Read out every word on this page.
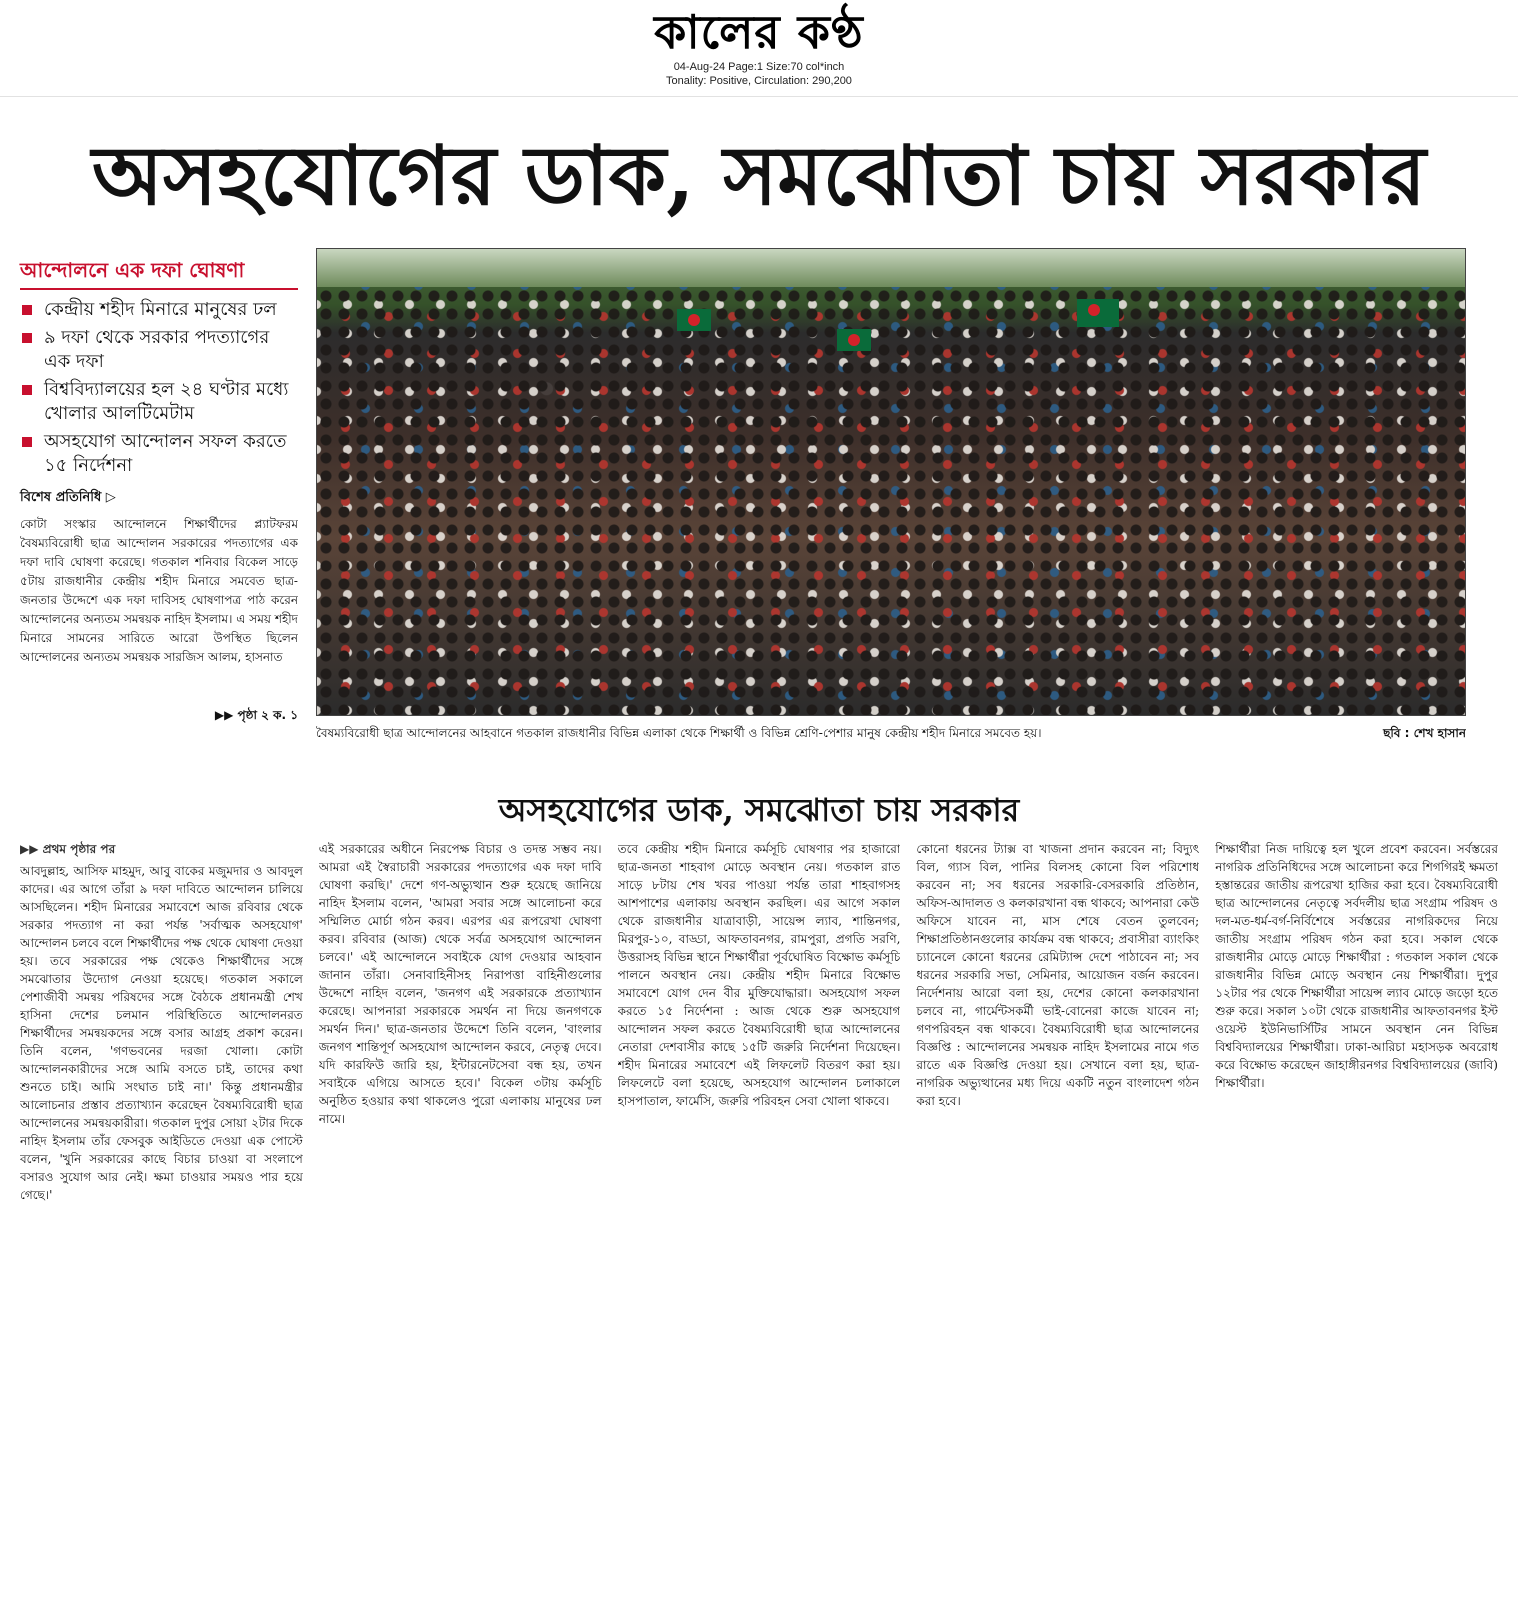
কালের কণ্ঠ
04-Aug-24 Page:1 Size:70 col*inch
Tonality: Positive, Circulation: 290,200
অসহযোগের ডাক, সমঝোতা চায় সরকার
আন্দোলনে এক দফা ঘোষণা
কেন্দ্রীয় শহীদ মিনারে মানুষের ঢল
৯ দফা থেকে সরকার পদত্যাগের এক দফা
বিশ্ববিদ্যালয়ের হল ২৪ ঘণ্টার মধ্যে খোলার আলটিমেটাম
অসহযোগ আন্দোলন সফল করতে ১৫ নির্দেশনা
বিশেষ প্রতিনিধি ▷

কোটা সংস্কার আন্দোলনে শিক্ষার্থীদের প্ল্যাটফরম বৈষম্যবিরোধী ছাত্র আন্দোলন সরকারের পদত্যাগের এক দফা দাবি ঘোষণা করেছে। গতকাল শনিবার বিকেল সাড়ে ৫টায় রাজধানীর কেন্দ্রীয় শহীদ মিনারে সমবেত ছাত্র-জনতার উদ্দেশে এক দফা দাবিসহ ঘোষণাপত্র পাঠ করেন আন্দোলনের অন্যতম সমন্বয়ক নাহিদ ইসলাম। এ সময় শহীদ মিনারে সামনের সারিতে আরো উপস্থিত ছিলেন আন্দোলনের অন্যতম সমন্বয়ক সারজিস আলম, হাসনাত

▶▶ পৃষ্ঠা ২ ক. ১
বৈষম্যবিরোধী ছাত্র আন্দোলনের আহবানে গতকাল রাজধানীর বিভিন্ন এলাকা থেকে শিক্ষার্থী ও বিভিন্ন শ্রেণি-পেশার মানুষ কেন্দ্রীয় শহীদ মিনারে সমবেত হয়।	ছবি : শেখ হাসান
অসহযোগের ডাক, সমঝোতা চায় সরকার
▶▶ প্রথম পৃষ্ঠার পর

আবদুল্লাহ, আসিফ মাহমুদ, আবু বাকের মজুমদার ও আবদুল কাদের। এর আগে তাঁরা ৯ দফা দাবিতে আন্দোলন চালিয়ে আসছিলেন। শহীদ মিনারের সমাবেশে আজ রবিবার থেকে সরকার পদত্যাগ না করা পর্যন্ত 'সর্বাত্মক অসহযোগ' আন্দোলন চলবে বলে শিক্ষার্থীদের পক্ষ থেকে ঘোষণা দেওয়া হয়। তবে সরকারের পক্ষ থেকেও শিক্ষার্থীদের সঙ্গে সমঝোতার উদ্যোগ নেওয়া হয়েছে। গতকাল সকালে পেশাজীবী সমন্বয় পরিষদের সঙ্গে বৈঠকে প্রধানমন্ত্রী শেখ হাসিনা দেশের চলমান পরিস্থিতিতে আন্দোলনরত শিক্ষার্থীদের সমন্বয়কদের সঙ্গে বসার আগ্রহ প্রকাশ করেন। তিনি বলেন, 'গণভবনের দরজা খোলা। কোটা আন্দোলনকারীদের সঙ্গে আমি বসতে চাই, তাদের কথা শুনতে চাই। আমি সংঘাত চাই না।' কিন্তু প্রধানমন্ত্রীর আলোচনার প্রস্তাব প্রত্যাখ্যান করেছেন বৈষম্যবিরোধী ছাত্র আন্দোলনের সমন্বয়কারীরা। গতকাল দুপুর সোয়া ২টার দিকে নাহিদ ইসলাম তাঁর ফেসবুক আইডিতে দেওয়া এক পোস্টে বলেন, 'খুনি সরকারের কাছে বিচার চাওয়া বা সংলাপে বসারও সুযোগ আর নেই। ক্ষমা চাওয়ার সময়ও পার হয়ে গেছে।'

এই সরকারের অধীনে নিরপেক্ষ বিচার ও তদন্ত সম্ভব নয়। আমরা এই স্বৈরাচারী সরকারের পদত্যাগের এক দফা দাবি ঘোষণা করছি।' দেশে গণ-অভ্যুত্থান শুরু হয়েছে জানিয়ে নাহিদ ইসলাম বলেন, 'আমরা সবার সঙ্গে আলোচনা করে সম্মিলিত মোর্চা গঠন করব। এরপর এর রূপরেখা ঘোষণা করব। রবিবার (আজ) থেকে সর্বত্র অসহযোগ আন্দোলন চলবে।' এই আন্দোলনে সবাইকে যোগ দেওয়ার আহবান জানান তাঁরা। সেনাবাহিনীসহ নিরাপত্তা বাহিনীগুলোর উদ্দেশে নাহিদ বলেন, 'জনগণ এই সরকারকে প্রত্যাখ্যান করেছে। আপনারা সরকারকে সমর্থন না দিয়ে জনগণকে সমর্থন দিন।' ছাত্র-জনতার উদ্দেশে তিনি বলেন, 'বাংলার জনগণ শান্তিপূর্ণ অসহযোগ আন্দোলন করবে, নেতৃত্ব দেবে। যদি কারফিউ জারি হয়, ইন্টারনেটসেবা বন্ধ হয়, তখন সবাইকে এগিয়ে আসতে হবে।' বিকেল ৩টায় কর্মসূচি অনুষ্ঠিত হওয়ার কথা থাকলেও পুরো এলাকায় মানুষের ঢল নামে।

তবে কেন্দ্রীয় শহীদ মিনারে কর্মসূচি ঘোষণার পর হাজারো ছাত্র-জনতা শাহবাগ মোড়ে অবস্থান নেয়। গতকাল রাত সাড়ে ৮টায় শেষ খবর পাওয়া পর্যন্ত তারা শাহবাগসহ আশপাশের এলাকায় অবস্থান করছিল। এর আগে সকাল থেকে রাজধানীর যাত্রাবাড়ী, সায়েন্স ল্যাব, শান্তিনগর, মিরপুর-১০, বাড্ডা, আফতাবনগর, রামপুরা, প্রগতি সরণি, উত্তরাসহ বিভিন্ন স্থানে শিক্ষার্থীরা পূর্বঘোষিত বিক্ষোভ কর্মসূচি পালনে অবস্থান নেয়। কেন্দ্রীয় শহীদ মিনারে বিক্ষোভ সমাবেশে যোগ দেন বীর মুক্তিযোদ্ধারা। অসহযোগ সফল করতে ১৫ নির্দেশনা : আজ থেকে শুরু অসহযোগ আন্দোলন সফল করতে বৈষম্যবিরোধী ছাত্র আন্দোলনের নেতারা দেশবাসীর কাছে ১৫টি জরুরি নির্দেশনা দিয়েছেন। শহীদ মিনারের সমাবেশে এই লিফলেট বিতরণ করা হয়। লিফলেটে বলা হয়েছে, অসহযোগ আন্দোলন চলাকালে হাসপাতাল, ফার্মেসি, জরুরি পরিবহন সেবা খোলা থাকবে।

কোনো ধরনের ট্যাক্স বা খাজনা প্রদান করবেন না; বিদ্যুৎ বিল, গ্যাস বিল, পানির বিলসহ কোনো বিল পরিশোধ করবেন না; সব ধরনের সরকারি-বেসরকারি প্রতিষ্ঠান, অফিস-আদালত ও কলকারখানা বন্ধ থাকবে; আপনারা কেউ অফিসে যাবেন না, মাস শেষে বেতন তুলবেন; শিক্ষাপ্রতিষ্ঠানগুলোর কার্যক্রম বন্ধ থাকবে; প্রবাসীরা ব্যাংকিং চ্যানেলে কোনো ধরনের রেমিট্যান্স দেশে পাঠাবেন না; সব ধরনের সরকারি সভা, সেমিনার, আয়োজন বর্জন করবেন। নির্দেশনায় আরো বলা হয়, দেশের কোনো কলকারখানা চলবে না, গার্মেন্টসকর্মী ভাই-বোনেরা কাজে যাবেন না; গণপরিবহন বন্ধ থাকবে। বৈষম্যবিরোধী ছাত্র আন্দোলনের বিজ্ঞপ্তি : আন্দোলনের সমন্বয়ক নাহিদ ইসলামের নামে গত রাতে এক বিজ্ঞপ্তি দেওয়া হয়। সেখানে বলা হয়, ছাত্র-নাগরিক অভ্যুত্থানের মধ্য দিয়ে একটি নতুন বাংলাদেশ গঠন করা হবে।

শিক্ষার্থীরা নিজ দায়িত্বে হল খুলে প্রবেশ করবেন। সর্বস্তরের নাগরিক প্রতিনিধিদের সঙ্গে আলোচনা করে শিগগিরই ক্ষমতা হস্তান্তরের জাতীয় রূপরেখা হাজির করা হবে। বৈষম্যবিরোধী ছাত্র আন্দোলনের নেতৃত্বে সর্বদলীয় ছাত্র সংগ্রাম পরিষদ ও দল-মত-ধর্ম-বর্গ-নির্বিশেষে সর্বস্তরের নাগরিকদের নিয়ে জাতীয় সংগ্রাম পরিষদ গঠন করা হবে। সকাল থেকে রাজধানীর মোড়ে মোড়ে শিক্ষার্থীরা : গতকাল সকাল থেকে রাজধানীর বিভিন্ন মোড়ে অবস্থান নেয় শিক্ষার্থীরা। দুপুর ১২টার পর থেকে শিক্ষার্থীরা সায়েন্স ল্যাব মোড়ে জড়ো হতে শুরু করে। সকাল ১০টা থেকে রাজধানীর আফতাবনগর ইস্ট ওয়েস্ট ইউনিভার্সিটির সামনে অবস্থান নেন বিভিন্ন বিশ্ববিদ্যালয়ের শিক্ষার্থীরা। ঢাকা-আরিচা মহাসড়ক অবরোধ করে বিক্ষোভ করেছেন জাহাঙ্গীরনগর বিশ্ববিদ্যালয়ের (জাবি) শিক্ষার্থীরা।
